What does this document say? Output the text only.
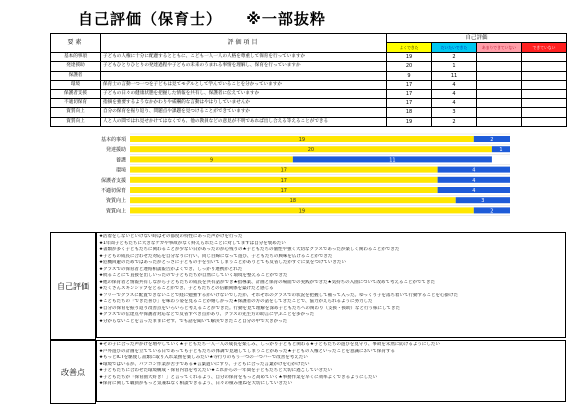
自己評価（保育士） ※一部抜粋
要素	評価項目	自己評価			
		よくできた	だいたいできた	あまりできていない	できていない
基本的事項	子どもの人権に十分に配慮するとともに、こども一人一人の人格を尊重して保育を行っていますか	19	2		
発達援助	子どもひとりひとりの発達過程や子どもの未来のうまれる事情を理解し、保育を行っていますか	20	1		
保護者		9	11		
環境	保育士の言動一つ一つを子どもは見てモデルとして学んでいることを分かっていますか	17	4		
保護者支援	子どもの日々の健康状態を把握した情報を共有し、保護者に伝えていますか	17	4		
不適切保育	指摘を強要するようなかかわりや威嚇的な言動はやはりしていませんか	17	4		
資質向上	自分の保育を振り返り、問題点や課題を見つけることができていますか	18	3		
資質向上	人と人の間ではれ見せかけてはなくでも、他の教員などの意見が不明であれば出し合える等えることができる	19	2		
基本的事項	19	2
発達援助	20	1
養護	9	11
環境	17	4
保護者支援	17	4
不適切保育	17	4
資質向上	18	3
資質向上	19	2
自己評価
★活着をしないといけない時はその都度の特性にあった声かけを行った
★1年間子どもたちに大きなケガや事故がなく終えられたことに対してまずは自分を褒めたい
★書類が多く子どもたちに関わることが少ない日があったのが心残りの★子どもたちの個性や強く大切なクラスであったが楽しく関わることができた
★子どもの成長に合わせた対応を自分なりに行い、同じ目線になって遊び、子どもたちの興味を広げることができた
★危機回避のためではあったがとっさに子どもの手を引いてしまうことがありとても反省したがすぐに気をつけていきたい
★クラスでの保育者と連絡相談報告がよくでき、しっかり連携がとれた
★続ることにて直接を出しいったので子どもたちが自然にしていく環境を整えることができた
★他の保育者と情報共有しながら子どもたちの成長を共有話ができ★指導案、計画と保育の場面での実践ができた★気持ちの入園について改めて考えることがでてきた
★たくさんスキンシップをとることができ、子どもたちとの信頼関係を築けたと感じる
★フリーでクラスに配置できないことで経に勉強するがいけないでしたが、それぞれのクラスでの状況を把握して補って入った。ゆっくり子を落ち着いて行動することを心掛けた
★こどもたちの「できた喜び」を味わう姿を見ることが嬉しかった★保護者の方の話をしてきたことで、協力がえられるように努力した
★自分の保育を振り返り改善点をいろいろと考えることができた。行動を見て理解を深め子どもたちへの関わり（支援・援助）など行う様にしてきた
★クラスでの伝達点や保護者対応などで反省すべき点があり、クラスの先生方の助言に学ぶことを多かった
★分からないことを言ったままにせず、でも話を聞いて解決できたこと自分の中で大きかった
改善点
★その子に合った声かけを増やしていく★子どもたち一人一人の成長を楽しみ、しっかり子どもと関わる★子どもたちの遊びを見守り、事故を未然に防げるようにしたい
★戸外遊びの計画を立てている日であっても子どもたちの体調で見通してしまうことがあった★子どもの人権といったことを意識において保育する
★もっとICTを駆使し書類に取り入れ業務を楽しみたい★寺行りのもう一つの一つバーで改善を考えたい
★環境ではいるが、パソコン作業が苦手である★言葉遣いにすり、子どもに合った言葉がけを心がけたい
★子どもたちに合わせた環境構成・保育内容を考えたい★これからの一年間を子どもたちと大切に過ごしていきたい
★子どもたちが「保育園大好き！」と言ってくれるよう、自分の保育をもっと高めていく★事務作業を早くに効率よくできるようにしたい
★保育に関して職員がもっと気兼ねなく相談できるよう、日々の積み重ねを大切にしていきたい
